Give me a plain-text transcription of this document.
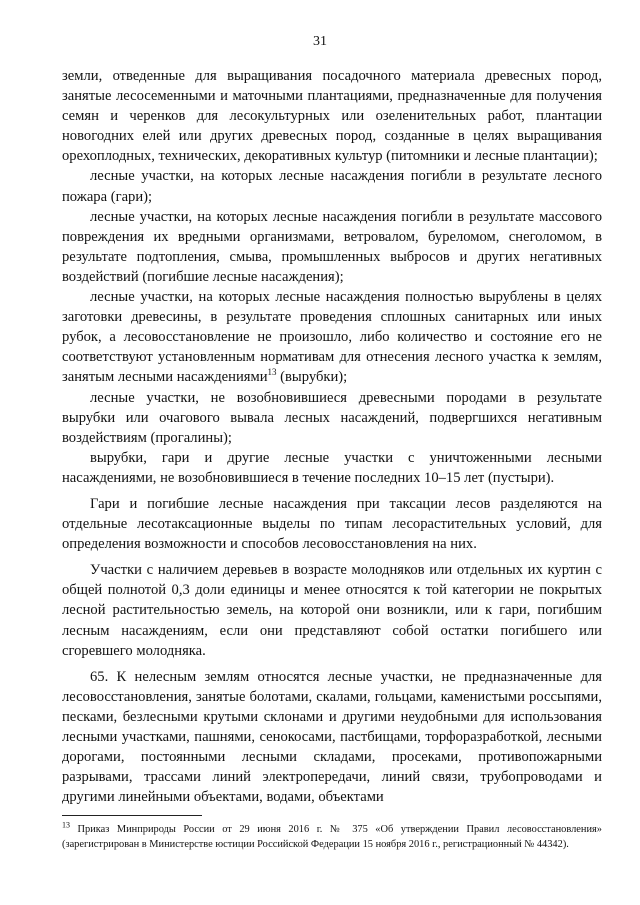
31

земли, отведенные для выращивания посадочного материала древесных пород, занятые лесосеменными и маточными плантациями, предназначенные для получения семян и черенков для лесокультурных или озеленительных работ, плантации новогодних елей или других древесных пород, созданные в целях выращивания орехоплодных, технических, декоративных культур (питомники и лесные плантации);

лесные участки, на которых лесные насаждения погибли в результате лесного пожара (гари);

лесные участки, на которых лесные насаждения погибли в результате массового повреждения их вредными организмами, ветровалом, буреломом, снеголомом, в результате подтопления, смыва, промышленных выбросов и других негативных воздействий (погибшие лесные насаждения);

лесные участки, на которых лесные насаждения полностью вырублены в целях заготовки древесины, в результате проведения сплошных санитарных или иных рубок, а лесовосстановление не произошло, либо количество и состояние его не соответствуют установленным нормативам для отнесения лесного участка к землям, занятым лесными насаждениями$^{13}$ (вырубки);

лесные участки, не возобновившиеся древесными породами в результате вырубки или очагового вывала лесных насаждений, подвергшихся негативным воздействиям (прогалины);

вырубки, гари и другие лесные участки с уничтоженными лесными насаждениями, не возобновившиеся в течение последних 10–15 лет (пустыри).

Гари и погибшие лесные насаждения при таксации лесов разделяются на отдельные лесотаксационные выделы по типам лесорастительных условий, для определения возможности и способов лесовосстановления на них.

Участки с наличием деревьев в возрасте молодняков или отдельных их куртин с общей полнотой 0,3 доли единицы и менее относятся к той категории не покрытых лесной растительностью земель, на которой они возникли, или к гари, погибшим лесным насаждениям, если они представляют собой остатки погибшего или сгоревшего молодняка.

65. К нелесным землям относятся лесные участки, не предназначенные для лесовосстановления, занятые болотами, скалами, гольцами, каменистыми россыпями, песками, безлесными крутыми склонами и другими неудобными для использования лесными участками, пашнями, сенокосами, пастбищами, торфоразработкой, лесными дорогами, постоянными лесными складами, просеками, противопожарными разрывами, трассами линий электропередачи, линий связи, трубопроводами и другими линейными объектами, водами, объектами

$^{13}$ Приказ Минприроды России от 29 июня 2016 г. № 375 «Об утверждении Правил лесовосстановления» (зарегистрирован в Министерстве юстиции Российской Федерации 15 ноября 2016 г., регистрационный № 44342).
